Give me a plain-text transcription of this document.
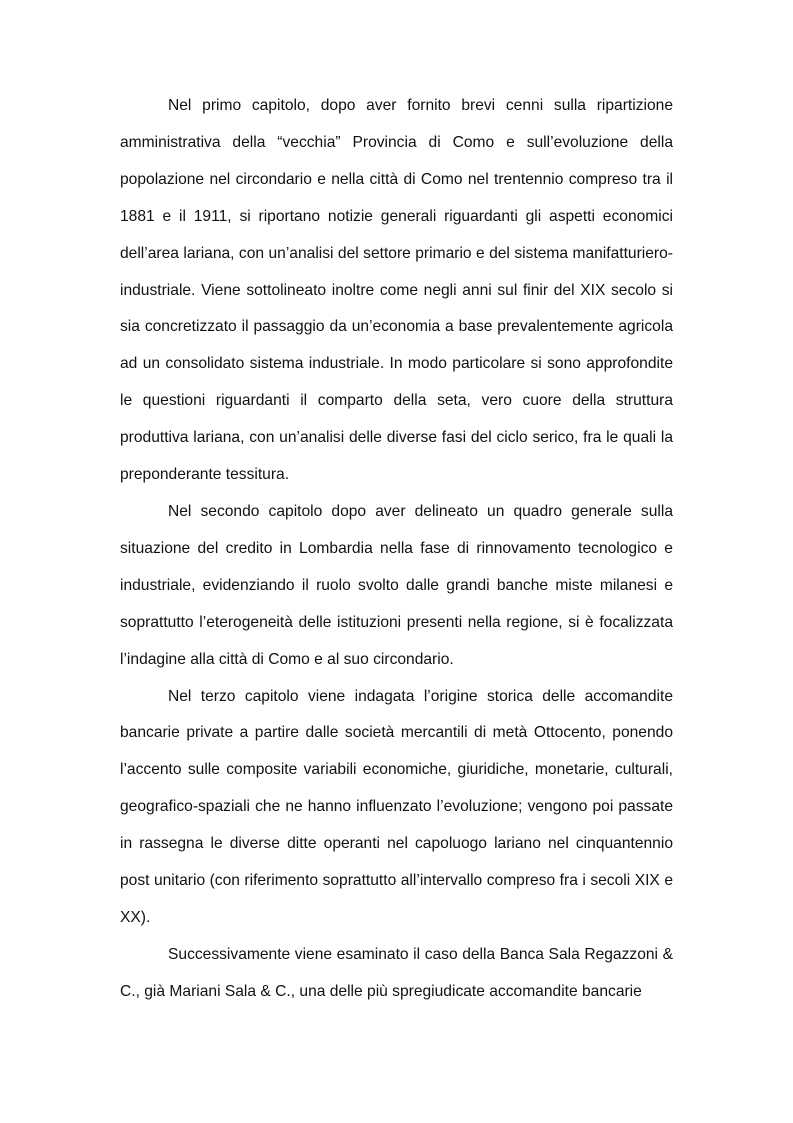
Nel primo capitolo, dopo aver fornito brevi cenni sulla ripartizione amministrativa della “vecchia” Provincia di Como e sull’evoluzione della popolazione nel circondario e nella città di Como nel trentennio compreso tra il 1881 e il 1911, si riportano notizie generali riguardanti gli aspetti economici dell’area lariana, con un’analisi del settore primario e del sistema manifatturiero-industriale. Viene sottolineato inoltre come negli anni sul finir del XIX secolo si sia concretizzato il passaggio da un’economia a base prevalentemente agricola ad un consolidato sistema industriale. In modo particolare si sono approfondite le questioni riguardanti il comparto della seta, vero cuore della struttura produttiva lariana, con un’analisi delle diverse fasi del ciclo serico, fra le quali la preponderante tessitura.

Nel secondo capitolo dopo aver delineato un quadro generale sulla situazione del credito in Lombardia nella fase di rinnovamento tecnologico e industriale, evidenziando il ruolo svolto dalle grandi banche miste milanesi e soprattutto l’eterogeneità delle istituzioni presenti nella regione, si è focalizzata l’indagine alla città di Como e al suo circondario.

Nel terzo capitolo viene indagata l’origine storica delle accomandite bancarie private a partire dalle società mercantili di metà Ottocento, ponendo l’accento sulle composite variabili economiche, giuridiche, monetarie, culturali, geografico-spaziali che ne hanno influenzato l’evoluzione; vengono poi passate in rassegna le diverse ditte operanti nel capoluogo lariano nel cinquantennio post unitario (con riferimento soprattutto all’intervallo compreso fra i secoli XIX e XX).

Successivamente viene esaminato il caso della Banca Sala Regazzoni & C., già Mariani Sala & C., una delle più spregiudicate accomandite bancarie
